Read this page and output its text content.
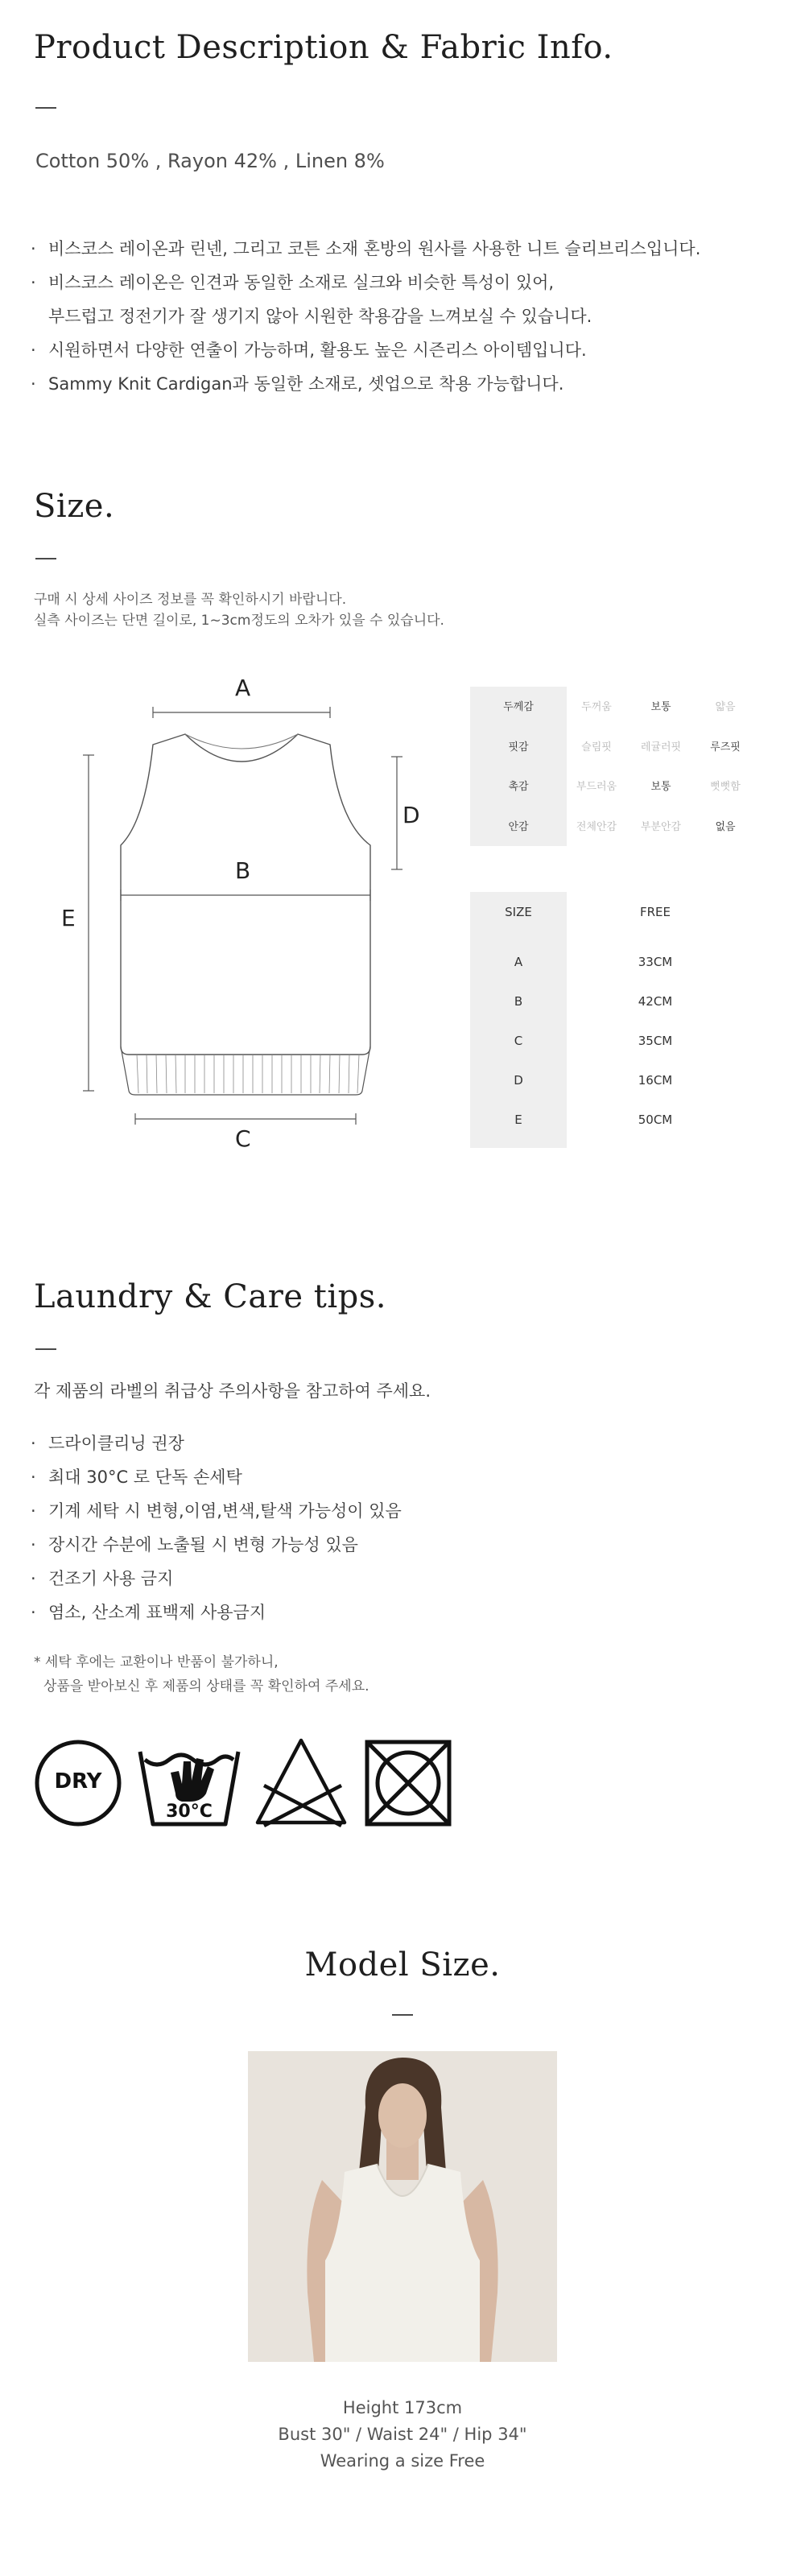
Product Description & Fabric Info.
Cotton 50% , Rayon 42% , Linen 8%
· 비스코스 레이온과 린넨, 그리고 코튼 소재 혼방의 원사를 사용한 니트 슬리브리스입니다.
· 비스코스 레이온은 인견과 동일한 소재로 실크와 비슷한 특성이 있어,
부드럽고 정전기가 잘 생기지 않아 시원한 착용감을 느껴보실 수 있습니다.
· 시원하면서 다양한 연출이 가능하며, 활용도 높은 시즌리스 아이템입니다.
· Sammy Knit Cardigan과 동일한 소재로, 셋업으로 착용 가능합니다.
Size.
구매 시 상세 사이즈 정보를 꼭 확인하시기 바랍니다.
실측 사이즈는 단면 길이로, 1~3cm정도의 오차가 있을 수 있습니다.
A
B
C
D
E
두께감	두꺼움	보통	얇음
핏감	슬림핏	레귤러핏	루즈핏
촉감	부드러움	보통	뻣뻣함
안감	전체안감	부분안감	없음
SIZE	FREE
A	33CM
B	42CM
C	35CM
D	16CM
E	50CM
Laundry & Care tips.
각 제품의 라벨의 취급상 주의사항을 참고하여 주세요.
· 드라이클리닝 권장
· 최대 30°C 로 단독 손세탁
· 기계 세탁 시 변형,이염,변색,탈색 가능성이 있음
· 장시간 수분에 노출될 시 변형 가능성 있음
· 건조기 사용 금지
· 염소, 산소계 표백제 사용금지
* 세탁 후에는 교환이나 반품이 불가하니,
상품을 받아보신 후 제품의 상태를 꼭 확인하여 주세요.
DRY
30°C
Model Size.
Height 173cm
Bust 30" / Waist 24" / Hip 34"
Wearing a size Free
